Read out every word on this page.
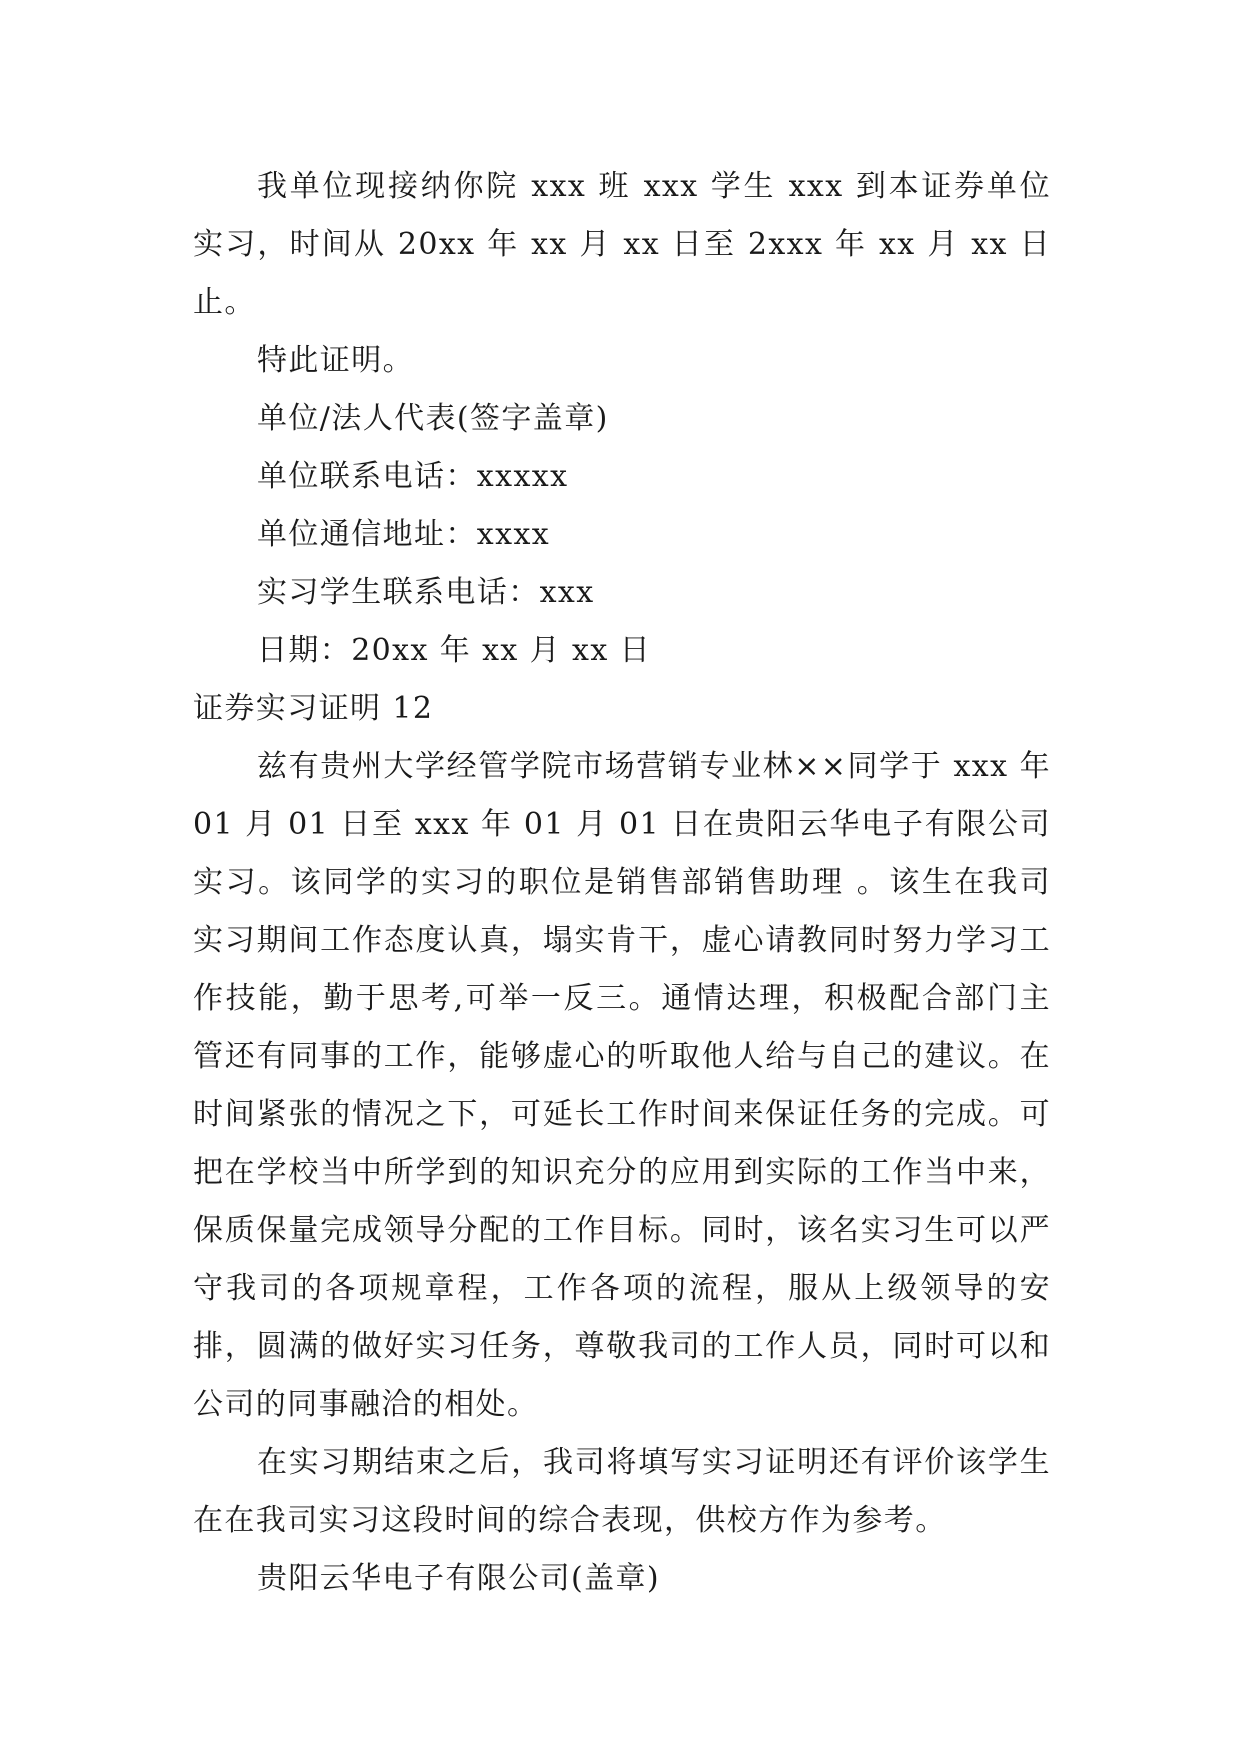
我单位现接纳你院 xxx 班 xxx 学生 xxx 到本证券单位实习，时间从 20xx 年 xx 月 xx 日至 2xxx 年 xx 月 xx 日止。

特此证明。

单位/法人代表(签字盖章)

单位联系电话：xxxxx

单位通信地址：xxxx

实习学生联系电话：xxx

日期：20xx 年 xx 月 xx 日

证券实习证明 12

兹有贵州大学经管学院市场营销专业林××同学于 xxx 年 01 月 01 日至 xxx 年 01 月 01 日在贵阳云华电子有限公司实习。该同学的实习的职位是销售部销售助理 。该生在我司实习期间工作态度认真，塌实肯干，虚心请教同时努力学习工作技能，勤于思考,可举一反三。通情达理，积极配合部门主管还有同事的工作，能够虚心的听取他人给与自己的建议。在时间紧张的情况之下，可延长工作时间来保证任务的完成。可把在学校当中所学到的知识充分的应用到实际的工作当中来，保质保量完成领导分配的工作目标。同时，该名实习生可以严守我司的各项规章程，工作各项的流程，服从上级领导的安排，圆满的做好实习任务，尊敬我司的工作人员，同时可以和公司的同事融洽的相处。

在实习期结束之后，我司将填写实习证明还有评价该学生在在我司实习这段时间的综合表现，供校方作为参考。

贵阳云华电子有限公司(盖章)
